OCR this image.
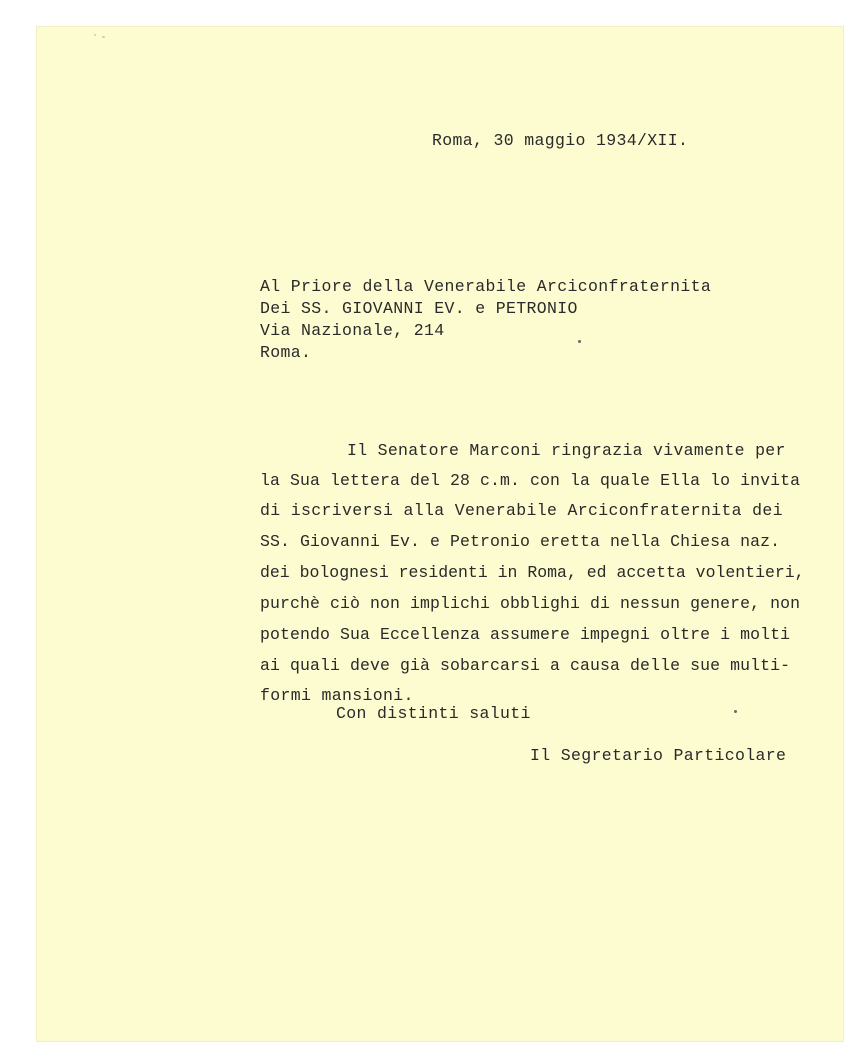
Roma, 30 maggio 1934/XII.

Al Priore della Venerabile Arciconfraternita

Dei SS. GIOVANNI EV. e PETRONIO

Via Nazionale, 214

Roma.

Il Senatore Marconi ringrazia vivamente per

la Sua lettera del 28 c.m. con la quale Ella lo invita

di iscriversi alla Venerabile Arciconfraternita dei

SS. Giovanni Ev. e Petronio eretta nella Chiesa naz.

dei bolognesi residenti in Roma, ed accetta volentieri,

purchè ciò non implichi obblighi di nessun genere, non

potendo Sua Eccellenza assumere impegni oltre i molti

ai quali deve già sobarcarsi a causa delle sue multi-

formi mansioni.

Con distinti saluti

Il Segretario Particolare
